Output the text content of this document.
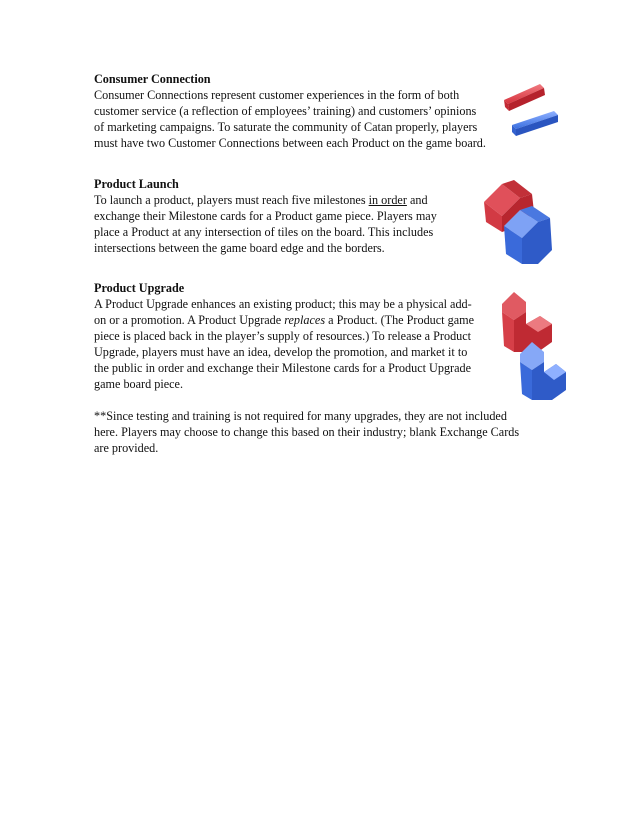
Consumer Connection
Consumer Connections represent customer experiences in the form of both
customer service (a reflection of employees’ training) and customers’ opinions
of marketing campaigns. To saturate the community of Catan properly, players
must have two Customer Connections between each Product on the game board.
Product Launch
To launch a product, players must reach five milestones in order and
exchange their Milestone cards for a Product game piece. Players may
place a Product at any intersection of tiles on the board. This includes
intersections between the game board edge and the borders.
Product Upgrade
A Product Upgrade enhances an existing product; this may be a physical add-
on or a promotion. A Product Upgrade replaces a Product. (The Product game
piece is placed back in the player’s supply of resources.) To release a Product
Upgrade, players must have an idea, develop the promotion, and market it to
the public in order and exchange their Milestone cards for a Product Upgrade
game board piece.
**Since testing and training is not required for many upgrades, they are not included
here. Players may choose to change this based on their industry; blank Exchange Cards
are provided.
